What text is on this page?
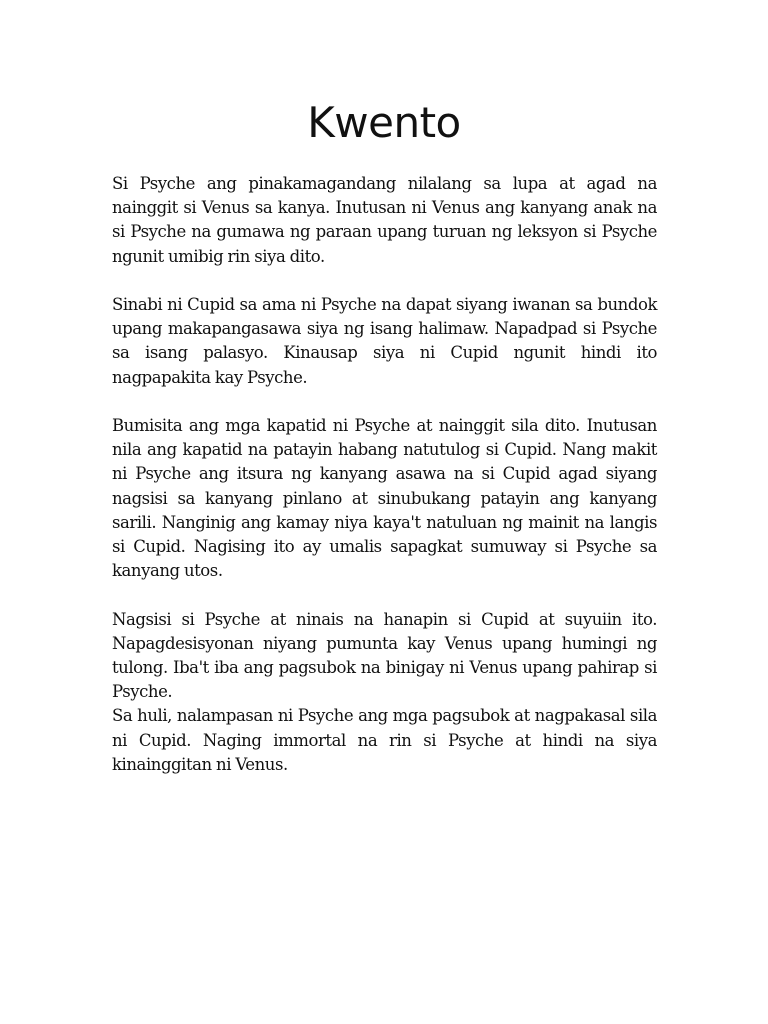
Kwento

Si Psyche ang pinakamagandang nilalang sa lupa at agad na nainggit si Venus sa kanya. Inutusan ni Venus ang kanyang anak na si Psyche na gumawa ng paraan upang turuan ng leksyon si Psyche ngunit umibig rin siya dito.

Sinabi ni Cupid sa ama ni Psyche na dapat siyang iwanan sa bundok upang makapangasawa siya ng isang halimaw. Napadpad si Psyche sa isang palasyo. Kinausap siya ni Cupid ngunit hindi ito nagpapakita kay Psyche.

Bumisita ang mga kapatid ni Psyche at nainggit sila dito. Inutusan nila ang kapatid na patayin habang natutulog si Cupid. Nang makit ni Psyche ang itsura ng kanyang asawa na si Cupid agad siyang nagsisi sa kanyang pinlano at sinubukang patayin ang kanyang sarili. Nanginig ang kamay niya kaya't natuluan ng mainit na langis si Cupid. Nagising ito ay umalis sapagkat sumuway si Psyche sa kanyang utos.

Nagsisi si Psyche at ninais na hanapin si Cupid at suyuiin ito. Napagdesisyonan niyang pumunta kay Venus upang humingi ng tulong. Iba't iba ang pagsubok na binigay ni Venus upang pahirap si Psyche.

Sa huli, nalampasan ni Psyche ang mga pagsubok at nagpakasal sila ni Cupid. Naging immortal na rin si Psyche at hindi na siya kinainggitan ni Venus.
